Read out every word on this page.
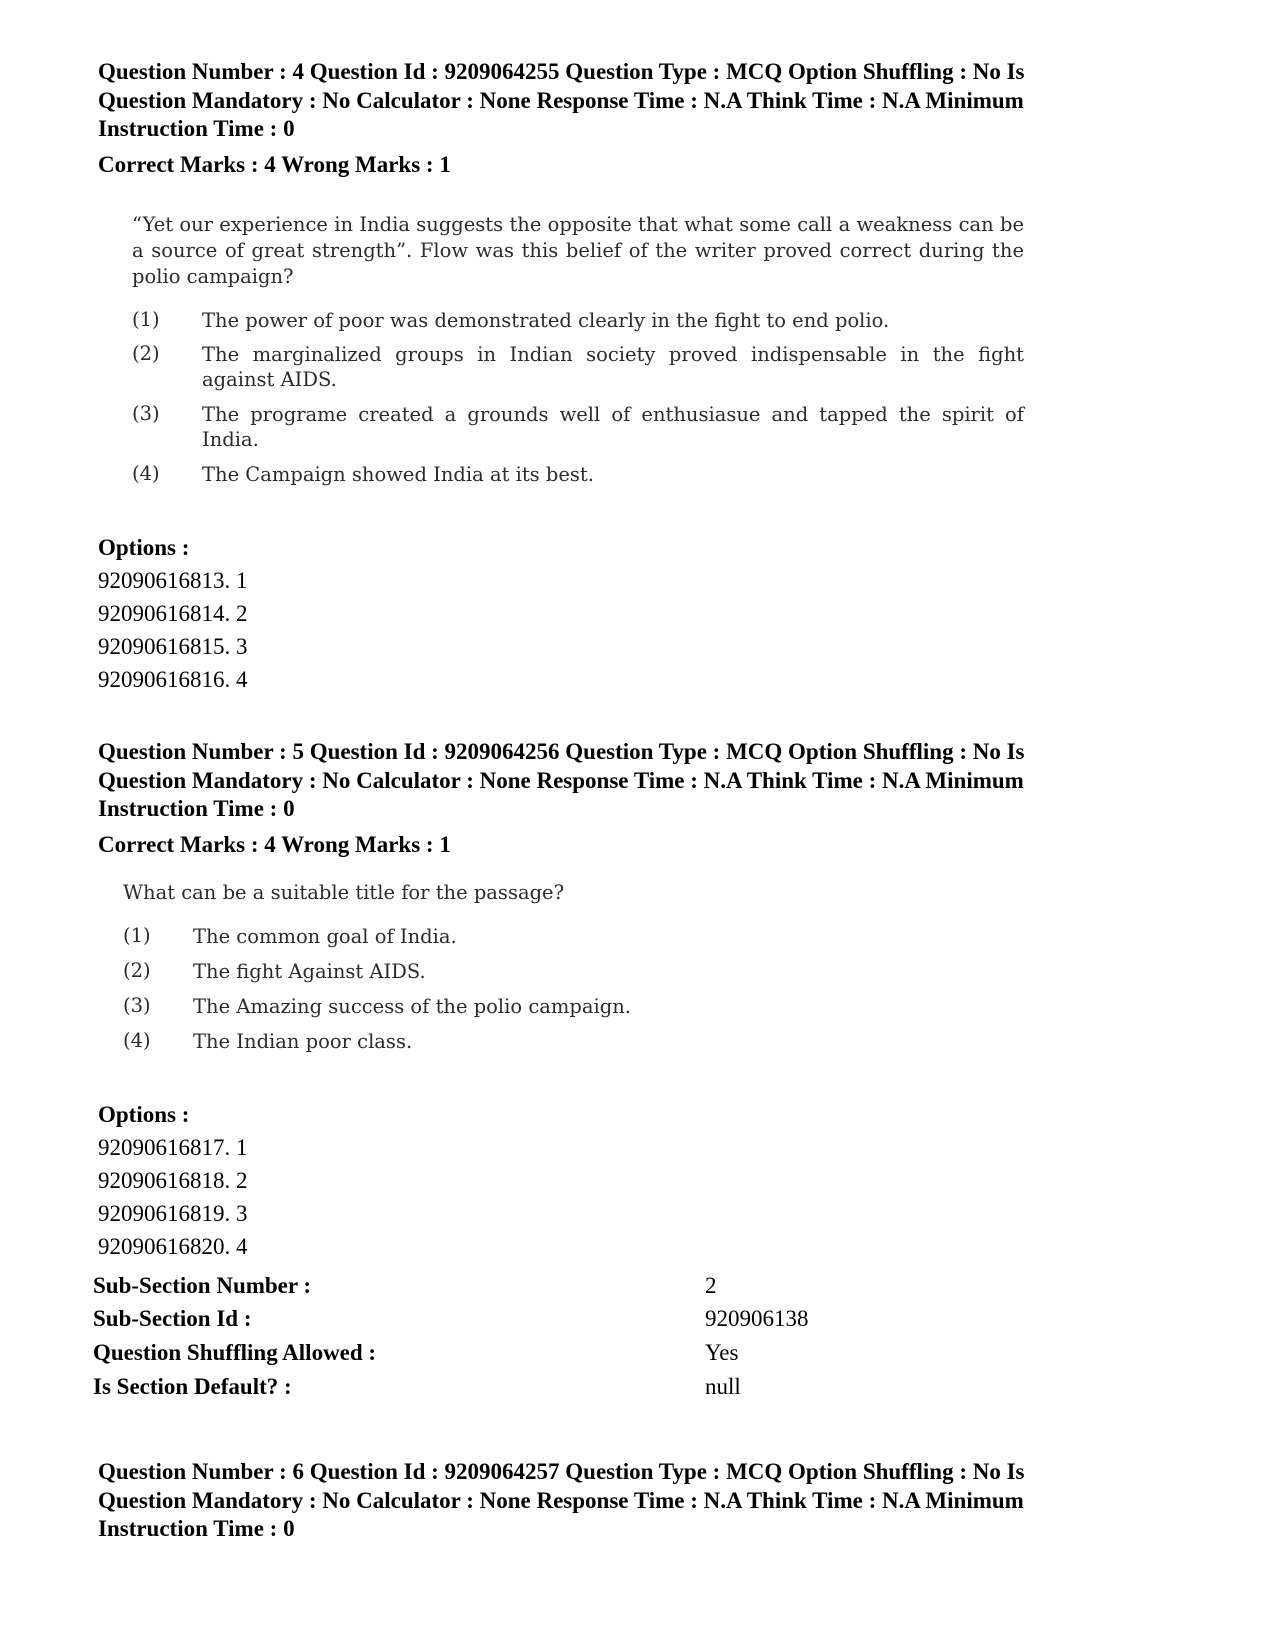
Question Number : 4 Question Id : 9209064255 Question Type : MCQ Option Shuffling : No Is Question Mandatory : No Calculator : None Response Time : N.A Think Time : N.A Minimum Instruction Time : 0

Correct Marks : 4 Wrong Marks : 1

“Yet our experience in India suggests the opposite that what some call a weakness can be a source of great strength”. Flow was this belief of the writer proved correct during the polio campaign?

(1) The power of poor was demonstrated clearly in the fight to end polio.
(2) The marginalized groups in Indian society proved indispensable in the fight against AIDS.
(3) The programe created a grounds well of enthusiasue and tapped the spirit of India.
(4) The Campaign showed India at its best.

Options :

92090616813. 1

92090616814. 2

92090616815. 3

92090616816. 4

Question Number : 5 Question Id : 9209064256 Question Type : MCQ Option Shuffling : No Is Question Mandatory : No Calculator : None Response Time : N.A Think Time : N.A Minimum Instruction Time : 0

Correct Marks : 4 Wrong Marks : 1

What can be a suitable title for the passage?

(1) The common goal of India.
(2) The fight Against AIDS.
(3) The Amazing success of the polio campaign.
(4) The Indian poor class.

Options :

92090616817. 1

92090616818. 2

92090616819. 3

92090616820. 4

Sub-Section Number :	2

Sub-Section Id :	920906138

Question Shuffling Allowed :	Yes

Is Section Default? :	null

Question Number : 6 Question Id : 9209064257 Question Type : MCQ Option Shuffling : No Is Question Mandatory : No Calculator : None Response Time : N.A Think Time : N.A Minimum Instruction Time : 0
